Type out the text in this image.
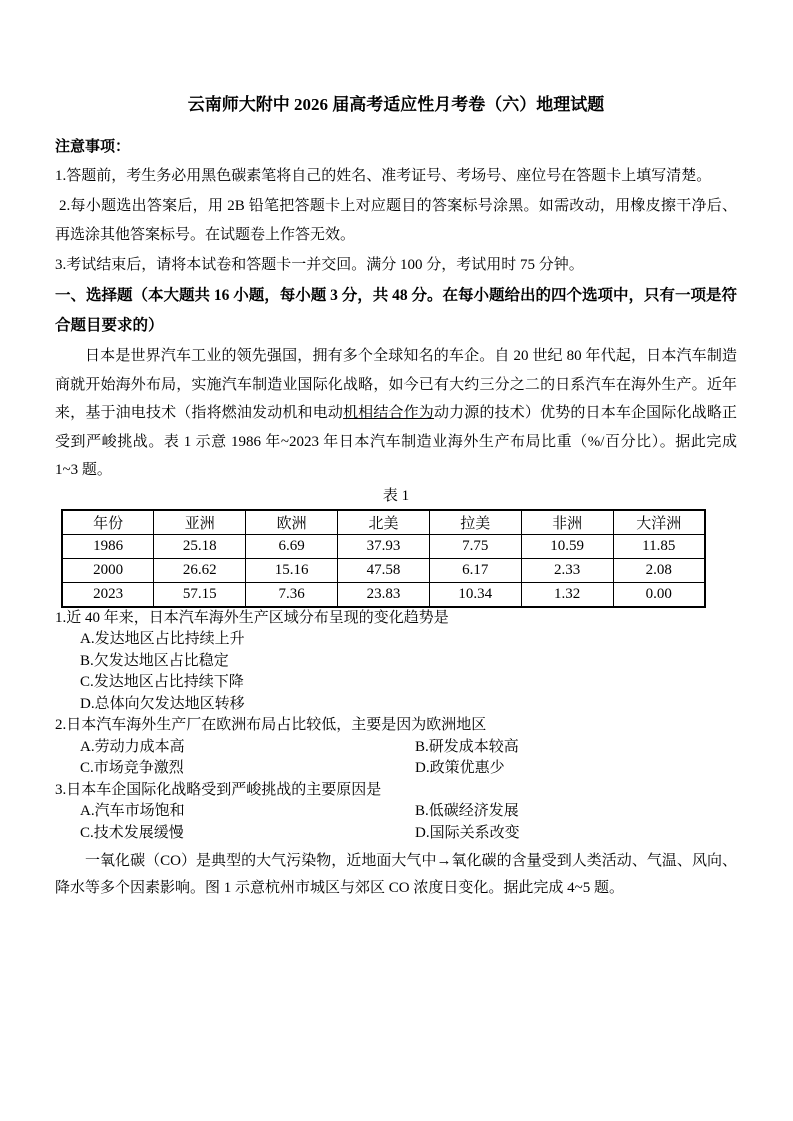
云南师大附中 2026 届高考适应性月考卷（六）地理试题

注意事项：

1.答题前，考生务必用黑色碳素笔将自己的姓名、准考证号、考场号、座位号在答题卡上填写清楚。

2.每小题选出答案后，用 2B 铅笔把答题卡上对应题目的答案标号涂黑。如需改动，用橡皮擦干净后、再选涂其他答案标号。在试题卷上作答无效。

3.考试结束后，请将本试卷和答题卡一并交回。满分 100 分，考试用时 75 分钟。

一、选择题（本大题共 16 小题，每小题 3 分，共 48 分。在每小题给出的四个选项中，只有一项是符合题目要求的）

日本是世界汽车工业的领先强国，拥有多个全球知名的车企。自 20 世纪 80 年代起，日本汽车制造商就开始海外布局，实施汽车制造业国际化战略，如今已有大约三分之二的日系汽车在海外生产。近年来，基于油电技术（指将燃油发动机和电动机相结合作为动力源的技术）优势的日本车企国际化战略正受到严峻挑战。表 1 示意 1986 年~2023 年日本汽车制造业海外生产布局比重（%/百分比）。据此完成 1~3 题。

表 1
年份	亚洲	欧洲	北美	拉美	非洲	大洋洲
1986	25.18	6.69	37.93	7.75	10.59	11.85
2000	26.62	15.16	47.58	6.17	2.33	2.08
2023	57.15	7.36	23.83	10.34	1.32	0.00
1.近 40 年来，日本汽车海外生产区域分布呈现的变化趋势是
A.发达地区占比持续上升
B.欠发达地区占比稳定
C.发达地区占比持续下降
D.总体向欠发达地区转移
2.日本汽车海外生产厂在欧洲布局占比较低，主要是因为欧洲地区
A.劳动力成本高	B.研发成本较高
C.市场竞争激烈	D.政策优惠少
3.日本车企国际化战略受到严峻挑战的主要原因是
A.汽车市场饱和	B.低碳经济发展
C.技术发展缓慢	D.国际关系改变

一氧化碳（CO）是典型的大气污染物，近地面大气中→氧化碳的含量受到人类活动、气温、风向、降水等多个因素影响。图 1 示意杭州市城区与郊区 CO 浓度日变化。据此完成 4~5 题。
